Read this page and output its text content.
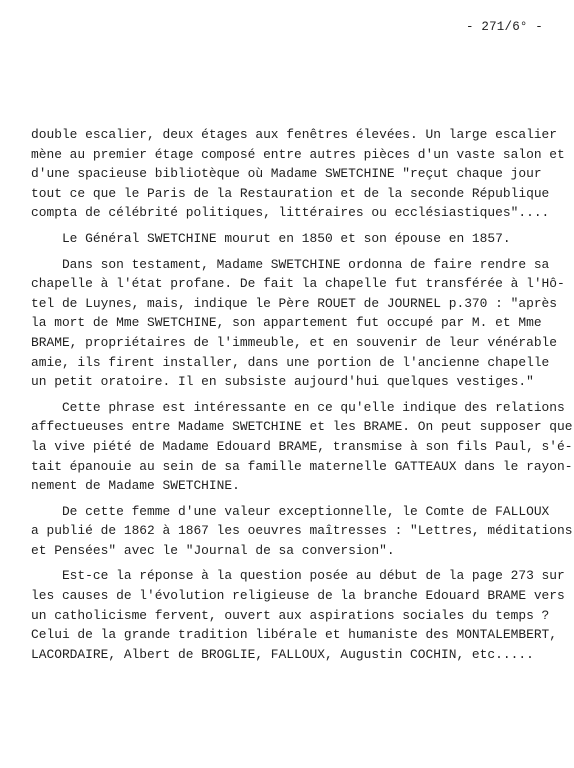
- 271/6° -
double escalier, deux étages aux fenêtres élevées. Un large escalier
mène au premier étage composé entre autres pièces d'un vaste salon et
d'une spacieuse bibliotèque où Madame SWETCHINE "reçut chaque jour
tout ce que le Paris de la Restauration et de la seconde République
compta de célébrité politiques, littéraires ou ecclésiastiques"....
Le Général SWETCHINE mourut en 1850 et son épouse en 1857.
Dans son testament, Madame SWETCHINE ordonna de faire rendre sa
chapelle à l'état profane. De fait la chapelle fut transférée à l'Hô-
tel de Luynes, mais, indique le Père ROUET de JOURNEL p.370 : "après
la mort de Mme SWETCHINE, son appartement fut occupé par M. et Mme
BRAME, propriétaires de l'immeuble, et en souvenir de leur vénérable
amie, ils firent installer, dans une portion de l'ancienne chapelle
un petit oratoire. Il en subsiste aujourd'hui quelques vestiges."
Cette phrase est intéressante en ce qu'elle indique des relations
affectueuses entre Madame SWETCHINE et les BRAME. On peut supposer que
la vive piété de Madame Edouard BRAME, transmise à son fils Paul, s'é-
tait épanouie au sein de sa famille maternelle GATTEAUX dans le rayon-
nement de Madame SWETCHINE.
De cette femme d'une valeur exceptionnelle, le Comte de FALLOUX
a publié de 1862 à 1867 les oeuvres maîtresses : "Lettres, méditations
et Pensées" avec le "Journal de sa conversion".
Est-ce la réponse à la question posée au début de la page 273 sur
les causes de l'évolution religieuse de la branche Edouard BRAME vers
un catholicisme fervent, ouvert aux aspirations sociales du temps ?
Celui de la grande tradition libérale et humaniste des MONTALEMBERT,
LACORDAIRE, Albert de BROGLIE, FALLOUX, Augustin COCHIN, etc.....
